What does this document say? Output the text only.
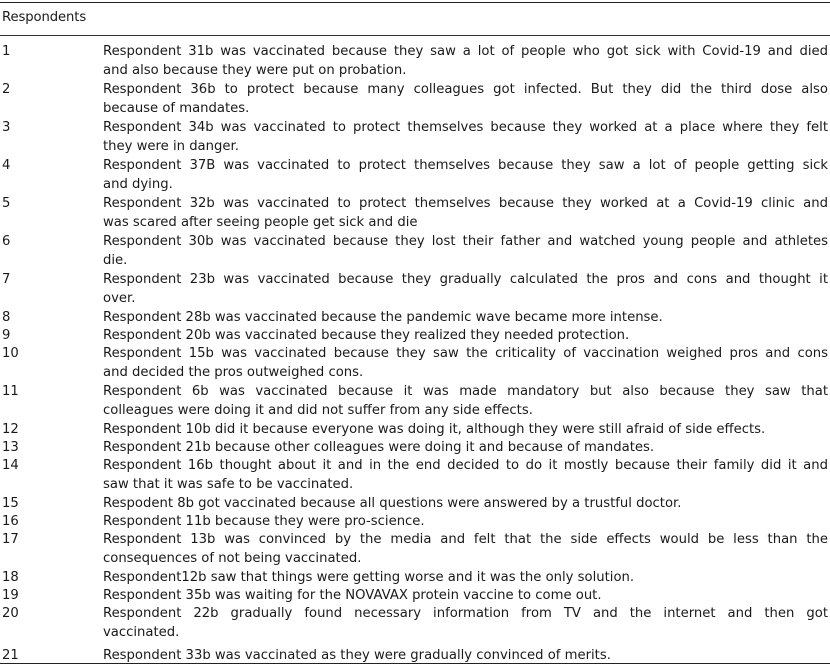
Respondents
1	Respondent 31b was vaccinated because they saw a lot of people who got sick with Covid-19 and died
and also because they were put on probation.
2	Respondent 36b to protect because many colleagues got infected. But they did the third dose also
because of mandates.
3	Respondent 34b was vaccinated to protect themselves because they worked at a place where they felt
they were in danger.
4	Respondent 37B was vaccinated to protect themselves because they saw a lot of people getting sick
and dying.
5	Respondent 32b was vaccinated to protect themselves because they worked at a Covid-19 clinic and
was scared after seeing people get sick and die
6	Respondent 30b was vaccinated because they lost their father and watched young people and athletes
die.
7	Respondent 23b was vaccinated because they gradually calculated the pros and cons and thought it
over.
8	Respondent 28b was vaccinated because the pandemic wave became more intense.
9	Respondent 20b was vaccinated because they realized they needed protection.
10	Respondent 15b was vaccinated because they saw the criticality of vaccination weighed pros and cons
and decided the pros outweighed cons.
11	Respondent 6b was vaccinated because it was made mandatory but also because they saw that
colleagues were doing it and did not suffer from any side effects.
12	Respondent 10b did it because everyone was doing it, although they were still afraid of side effects.
13	Respondent 21b because other colleagues were doing it and because of mandates.
14	Respondent 16b thought about it and in the end decided to do it mostly because their family did it and
saw that it was safe to be vaccinated.
15	Respodent 8b got vaccinated because all questions were answered by a trustful doctor.
16	Respondent 11b because they were pro-science.
17	Respondent 13b was convinced by the media and felt that the side effects would be less than the
consequences of not being vaccinated.
18	Respondent12b saw that things were getting worse and it was the only solution.
19	Respondent 35b was waiting for the NOVAVAX protein vaccine to come out.
20	Respondent 22b gradually found necessary information from TV and the internet and then got
vaccinated.
21	Respondent 33b was vaccinated as they were gradually convinced of merits.
